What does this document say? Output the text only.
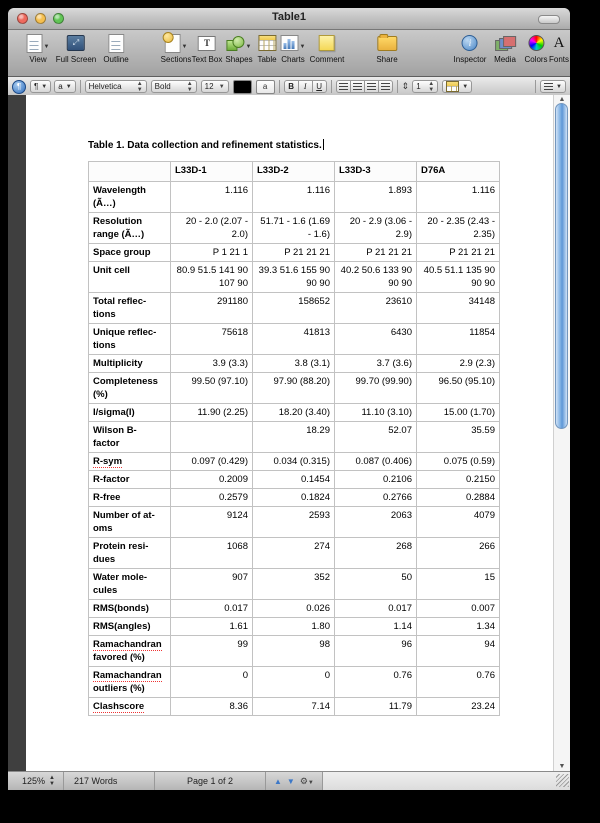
Table1
▼
View
⤢
Full Screen Outline
▼
Sections
T
Text Box
▼
Shapes Table
▼
Charts Comment	Share
i
Inspector Media Colors
A
Fonts
¶	¶ ▼ a ▼ Helvetica	▲
▼ Bold	▲
▼ 12 ▼	a	B	I	U	⇕ 1 ▲
▼	▼	▼
Table 1. Data collection and refinement statistics.
	L33D-1	L33D-2	L33D-3	D76A
Wavelength
(Ã…)	1.116	1.116	1.893	1.116
Resolution
range (Ã…)	20 - 2.0 (2.07 - 2.0)	51.71 - 1.6 (1.69 - 1.6)	20 - 2.9 (3.06 - 2.9)	20 - 2.35 (2.43 - 2.35)
Space group	P 1 21 1	P 21 21 21	P 21 21 21	P 21 21 21
Unit cell	80.9 51.5 141 90 107 90	39.3 51.6 155 90 90 90	40.2 50.6 133 90 90 90	40.5 51.1 135 90 90 90
Total reflec-
tions	291180	158652	23610	34148
Unique reflec-
tions	75618	41813	6430	11854
Multiplicity	3.9 (3.3)	3.8 (3.1)	3.7 (3.6)	2.9 (2.3)
Completeness
(%)	99.50 (97.10)	97.90 (88.20)	99.70 (99.90)	96.50 (95.10)
I/sigma(I)	11.90 (2.25)	18.20 (3.40)	11.10 (3.10)	15.00 (1.70)
Wilson B-
factor		18.29	52.07	35.59
R-sym	0.097 (0.429)	0.034 (0.315)	0.087 (0.406)	0.075 (0.59)
R-factor	0.2009	0.1454	0.2106	0.2150
R-free	0.2579	0.1824	0.2766	0.2884
Number of at-
oms	9124	2593	2063	4079
Protein resi-
dues	1068	274	268	266
Water mole-
cules	907	352	50	15
RMS(bonds)	0.017	0.026	0.017	0.007
RMS(angles)	1.61	1.80	1.14	1.34
Ramachandran
favored (%)	99	98	96	94
Ramachandran
outliers (%)	0	0	0.76	0.76
Clashscore	8.36	7.14	11.79	23.24
▲
▼
125% ▲
▼	217 Words	Page 1 of 2	▲ ▼ ⚙▼
